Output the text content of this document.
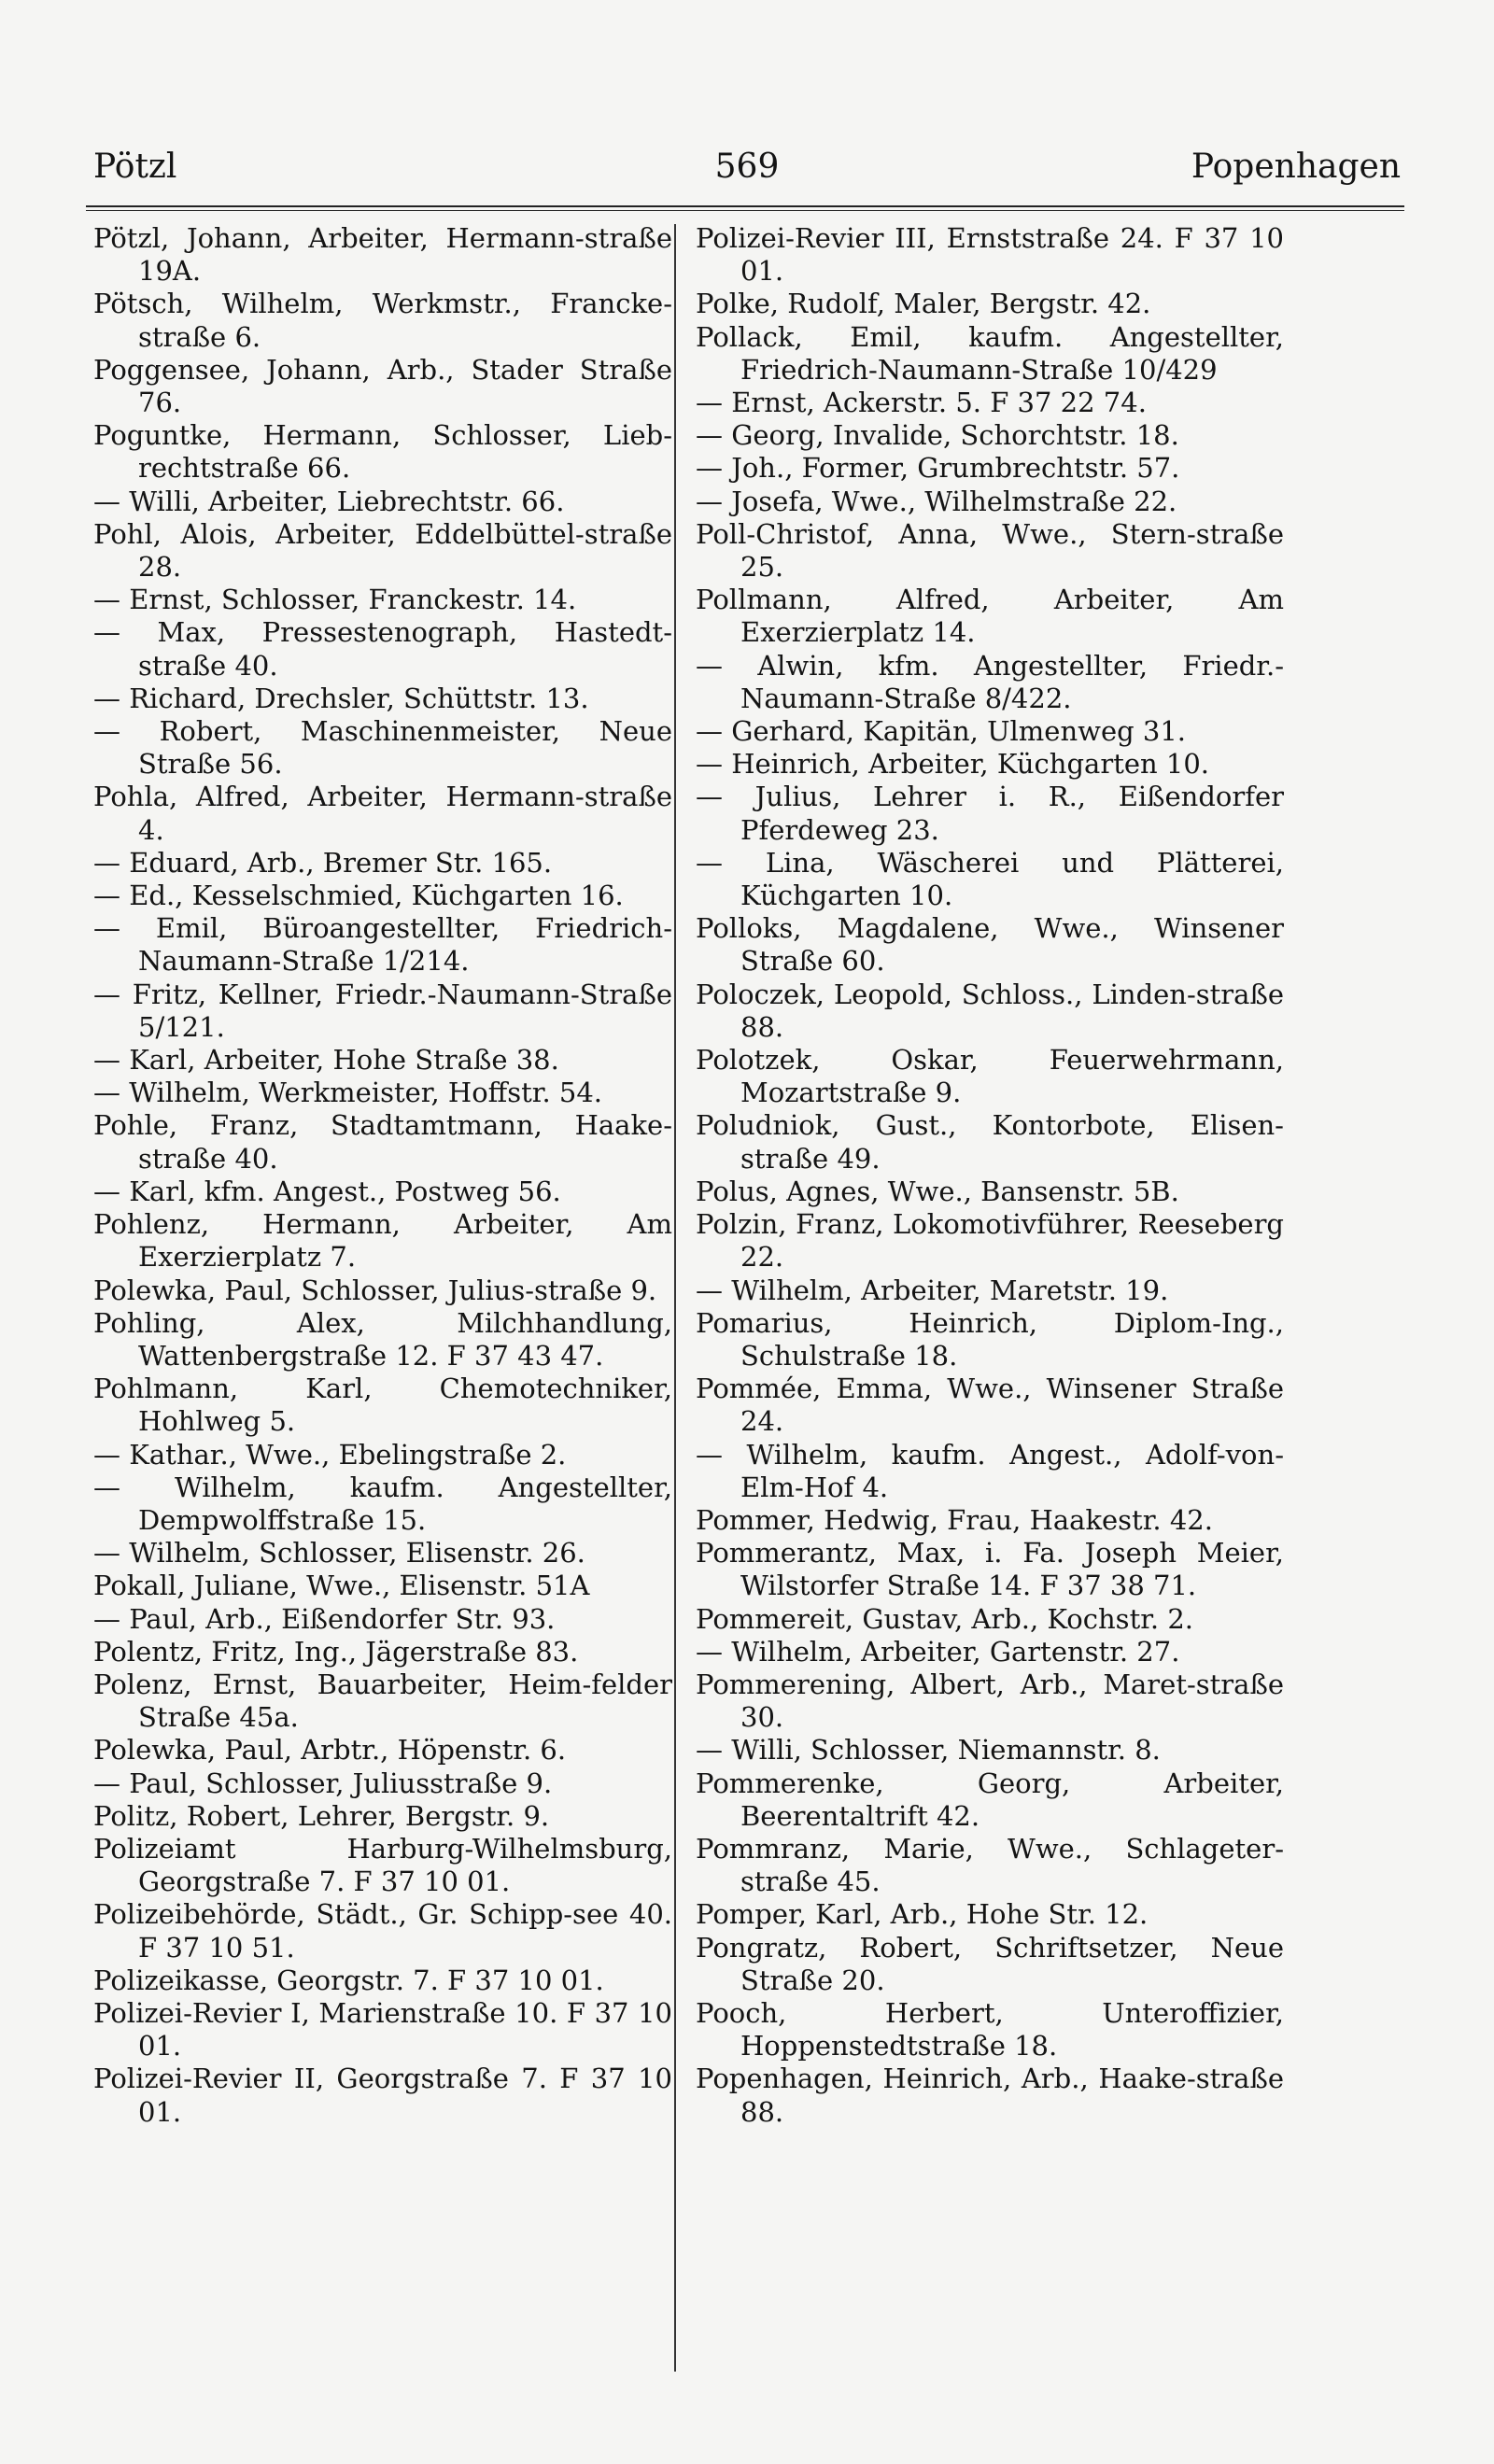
Pötzl	569	Popenhagen
Pötzl, Johann, Arbeiter, Hermann-straße 19A.
Pötsch, Wilhelm, Werkmstr., Francke-straße 6.
Poggensee, Johann, Arb., Stader Straße 76.
Poguntke, Hermann, Schlosser, Lieb-rechtstraße 66.
— Willi, Arbeiter, Liebrechtstr. 66.
Pohl, Alois, Arbeiter, Eddelbüttel-straße 28.
— Ernst, Schlosser, Franckestr. 14.
— Max, Pressestenograph, Hastedt-straße 40.
— Richard, Drechsler, Schüttstr. 13.
— Robert, Maschinenmeister, Neue Straße 56.
Pohla, Alfred, Arbeiter, Hermann-straße 4.
— Eduard, Arb., Bremer Str. 165.
— Ed., Kesselschmied, Küchgarten 16.
— Emil, Büroangestellter, Friedrich-Naumann-Straße 1/214.
— Fritz, Kellner, Friedr.-Naumann-Straße 5/121.
— Karl, Arbeiter, Hohe Straße 38.
— Wilhelm, Werkmeister, Hoffstr. 54.
Pohle, Franz, Stadtamtmann, Haake-straße 40.
— Karl, kfm. Angest., Postweg 56.
Pohlenz, Hermann, Arbeiter, Am Exerzierplatz 7.
Polewka, Paul, Schlosser, Julius-straße 9.
Pohling, Alex, Milchhandlung, Wattenbergstraße 12. F 37 43 47.
Pohlmann, Karl, Chemotechniker, Hohlweg 5.
— Kathar., Wwe., Ebelingstraße 2.
— Wilhelm, kaufm. Angestellter, Dempwolffstraße 15.
— Wilhelm, Schlosser, Elisenstr. 26.
Pokall, Juliane, Wwe., Elisenstr. 51A
— Paul, Arb., Eißendorfer Str. 93.
Polentz, Fritz, Ing., Jägerstraße 83.
Polenz, Ernst, Bauarbeiter, Heim-felder Straße 45a.
Polewka, Paul, Arbtr., Höpenstr. 6.
— Paul, Schlosser, Juliusstraße 9.
Politz, Robert, Lehrer, Bergstr. 9.
Polizeiamt Harburg-Wilhelmsburg, Georgstraße 7. F 37 10 01.
Polizeibehörde, Städt., Gr. Schipp-see 40. F 37 10 51.
Polizeikasse, Georgstr. 7. F 37 10 01.
Polizei-Revier I, Marienstraße 10. F 37 10 01.
Polizei-Revier II, Georgstraße 7. F 37 10 01.
Polizei-Revier III, Ernststraße 24. F 37 10 01.
Polke, Rudolf, Maler, Bergstr. 42.
Pollack, Emil, kaufm. Angestellter, Friedrich-Naumann-Straße 10/429
— Ernst, Ackerstr. 5. F 37 22 74.
— Georg, Invalide, Schorchtstr. 18.
— Joh., Former, Grumbrechtstr. 57.
— Josefa, Wwe., Wilhelmstraße 22.
Poll-Christof, Anna, Wwe., Stern-straße 25.
Pollmann, Alfred, Arbeiter, Am Exerzierplatz 14.
— Alwin, kfm. Angestellter, Friedr.-Naumann-Straße 8/422.
— Gerhard, Kapitän, Ulmenweg 31.
— Heinrich, Arbeiter, Küchgarten 10.
— Julius, Lehrer i. R., Eißendorfer Pferdeweg 23.
— Lina, Wäscherei und Plätterei, Küchgarten 10.
Polloks, Magdalene, Wwe., Winsener Straße 60.
Poloczek, Leopold, Schloss., Linden-straße 88.
Polotzek, Oskar, Feuerwehrmann, Mozartstraße 9.
Poludniok, Gust., Kontorbote, Elisen-straße 49.
Polus, Agnes, Wwe., Bansenstr. 5B.
Polzin, Franz, Lokomotivführer, Reeseberg 22.
— Wilhelm, Arbeiter, Maretstr. 19.
Pomarius, Heinrich, Diplom-Ing., Schulstraße 18.
Pommée, Emma, Wwe., Winsener Straße 24.
— Wilhelm, kaufm. Angest., Adolf-von-Elm-Hof 4.
Pommer, Hedwig, Frau, Haakestr. 42.
Pommerantz, Max, i. Fa. Joseph Meier, Wilstorfer Straße 14. F 37 38 71.
Pommereit, Gustav, Arb., Kochstr. 2.
— Wilhelm, Arbeiter, Gartenstr. 27.
Pommerening, Albert, Arb., Maret-straße 30.
— Willi, Schlosser, Niemannstr. 8.
Pommerenke, Georg, Arbeiter, Beerentaltrift 42.
Pommranz, Marie, Wwe., Schlageter-straße 45.
Pomper, Karl, Arb., Hohe Str. 12.
Pongratz, Robert, Schriftsetzer, Neue Straße 20.
Pooch, Herbert, Unteroffizier, Hoppenstedtstraße 18.
Popenhagen, Heinrich, Arb., Haake-straße 88.
